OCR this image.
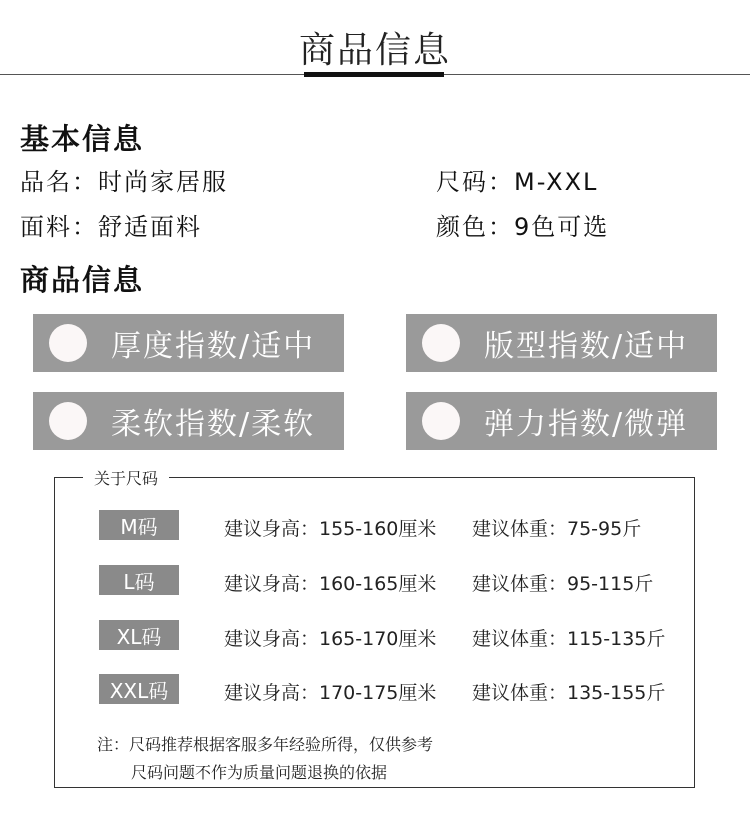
商品信息
基本信息
品名：时尚家居服	尺码：M-XXL
面料：舒适面料	颜色：9色可选
商品信息
厚度指数/适中	版型指数/适中
柔软指数/柔软	弹力指数/微弹
关于尺码
M码	建议身高：155-160厘米 建议体重：75-95斤
L码	建议身高：160-165厘米 建议体重：95-115斤
XL码	建议身高：165-170厘米 建议体重：115-135斤
XXL码	建议身高：170-175厘米 建议体重：135-155斤
注：尺码推荐根据客服多年经验所得，仅供参考
尺码问题不作为质量问题退换的依据
